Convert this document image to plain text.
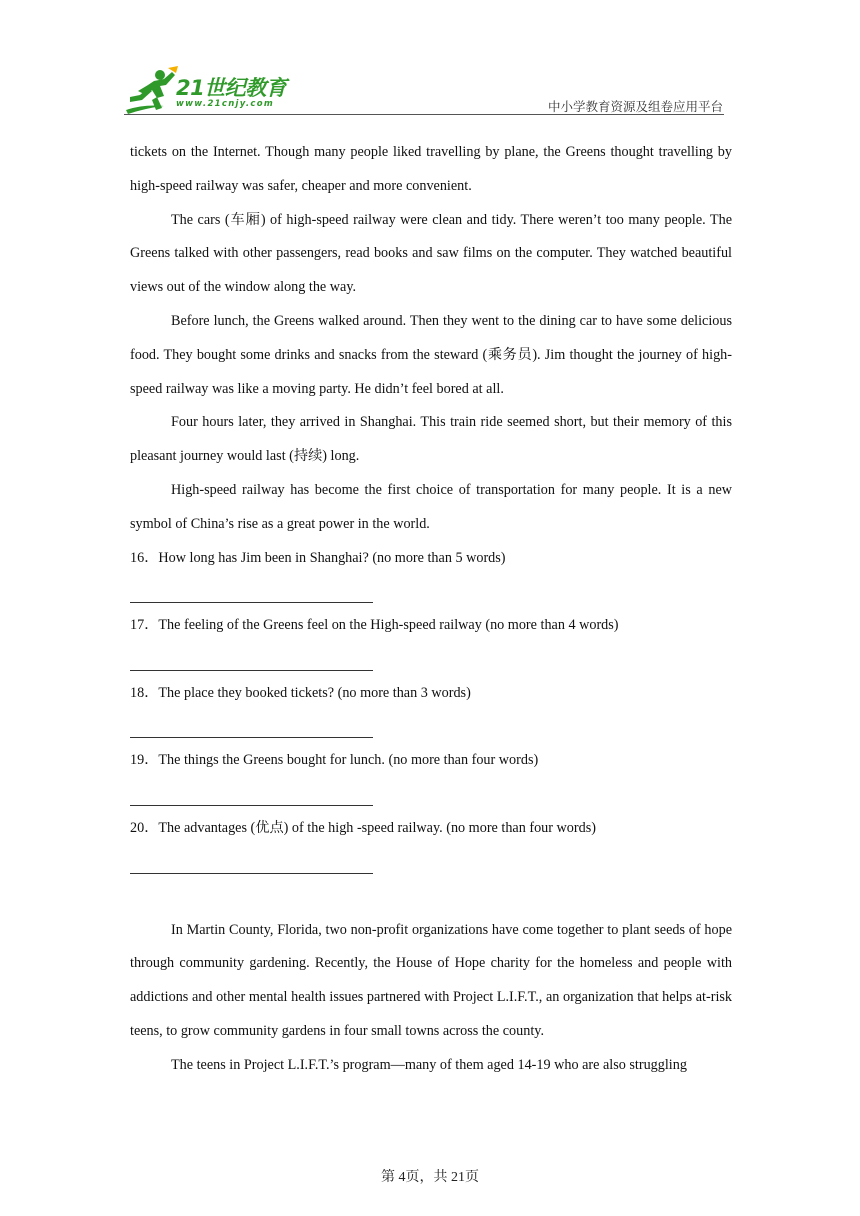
21世纪教育
www.21cnjy.com	中小学教育资源及组卷应用平台

tickets on the Internet. Though many people liked travelling by plane, the Greens thought travelling by high-speed railway was safer, cheaper and more convenient.

The cars (车厢) of high-speed railway were clean and tidy. There weren’t too many people. The Greens talked with other passengers, read books and saw films on the computer. They watched beautiful views out of the window along the way.

Before lunch, the Greens walked around. Then they went to the dining car to have some delicious food. They bought some drinks and snacks from the steward (乘务员). Jim thought the journey of high-speed railway was like a moving party. He didn’t feel bored at all.

Four hours later, they arrived in Shanghai. This train ride seemed short, but their memory of this pleasant journey would last (持续) long.

High-speed railway has become the first choice of transportation for many people. It is a new symbol of China’s rise as a great power in the world.

16．How long has Jim been in Shanghai? (no more than 5 words)

17．The feeling of the Greens feel on the High-speed railway (no more than 4 words)

18．The place they booked tickets? (no more than 3 words)

19．The things the Greens bought for lunch. (no more than four words)

20．The advantages (优点) of the high -speed railway. (no more than four words)

In Martin County, Florida, two non-profit organizations have come together to plant seeds of hope through community gardening. Recently, the House of Hope charity for the homeless and people with addictions and other mental health issues partnered with Project L.I.F.T., an organization that helps at-risk teens, to grow community gardens in four small towns across the county.

The teens in Project L.I.F.T.’s program—many of them aged 14-19 who are also struggling

第 4页，共 21页
